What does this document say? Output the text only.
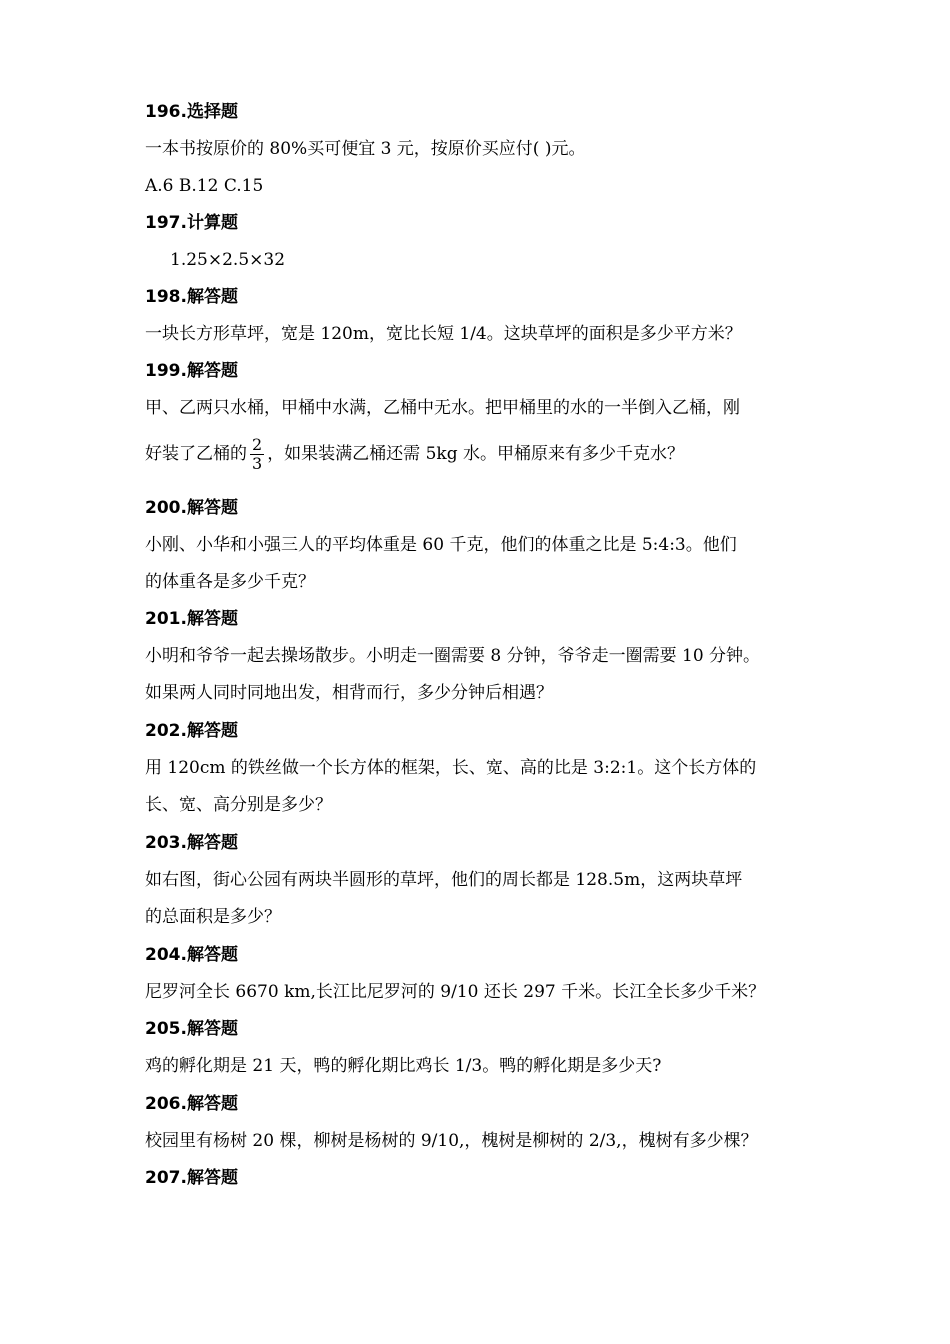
196.选择题
一本书按原价的 80%买可便宜 3 元，按原价买应付( )元。
A.6 B.12 C.15
197.计算题
1.25×2.5×32
198.解答题
一块长方形草坪，宽是 120m，宽比长短 1/4。这块草坪的面积是多少平方米？
199.解答题
甲、乙两只水桶，甲桶中水满，乙桶中无水。把甲桶里的水的一半倒入乙桶，刚
好装了乙桶的 $\frac{2}{3}$ ，如果装满乙桶还需 5kg 水。甲桶原来有多少千克水？
200.解答题
小刚、小华和小强三人的平均体重是 60 千克，他们的体重之比是 5:4:3。他们
的体重各是多少千克？
201.解答题
小明和爷爷一起去操场散步。小明走一圈需要 8 分钟，爷爷走一圈需要 10 分钟。
如果两人同时同地出发，相背而行，多少分钟后相遇？
202.解答题
用 120cm 的铁丝做一个长方体的框架，长、宽、高的比是 3:2:1。这个长方体的
长、宽、高分别是多少？
203.解答题
如右图，街心公园有两块半圆形的草坪，他们的周长都是 128.5m，这两块草坪
的总面积是多少？
204.解答题
尼罗河全长 6670 km,长江比尼罗河的 9/10 还长 297 千米。长江全长多少千米？
205.解答题
鸡的孵化期是 21 天，鸭的孵化期比鸡长 1/3。鸭的孵化期是多少天?
206.解答题
校园里有杨树 20 棵，柳树是杨树的 9/10,，槐树是柳树的 2/3,，槐树有多少棵？
207.解答题
